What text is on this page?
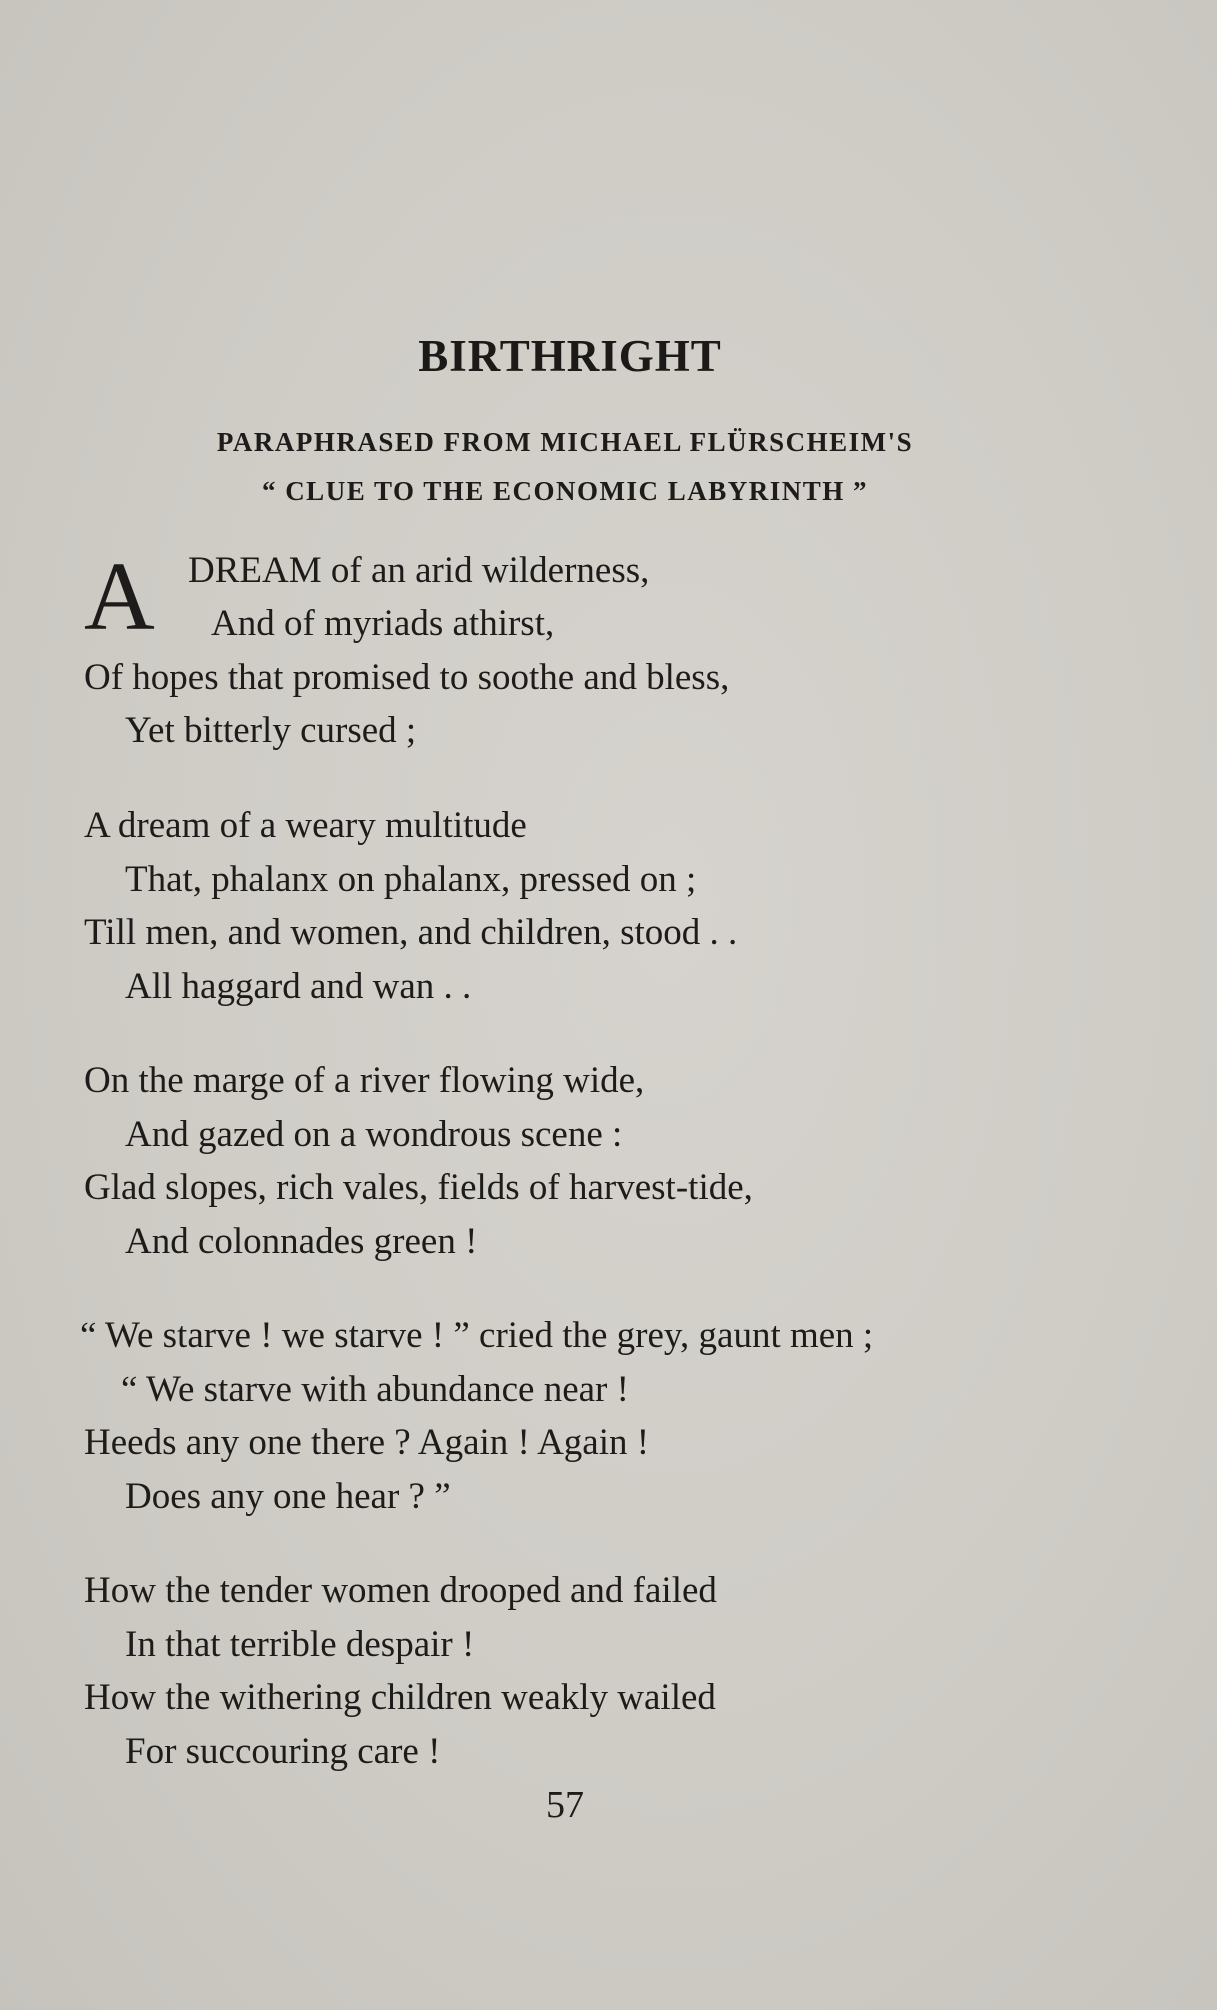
BIRTHRIGHT

PARAPHRASED FROM MICHAEL FLÜRSCHEIM'S

“ CLUE TO THE ECONOMIC LABYRINTH ”

A DREAM of an arid wilderness,

And of myriads athirst,

Of hopes that promised to soothe and bless,

Yet bitterly cursed ;

A dream of a weary multitude

That, phalanx on phalanx, pressed on ;

Till men, and women, and children, stood . .

All haggard and wan . .

On the marge of a river flowing wide,

And gazed on a wondrous scene :

Glad slopes, rich vales, fields of harvest-tide,

And colonnades green !

“ We starve ! we starve ! ” cried the grey, gaunt men ;

“ We starve with abundance near !

Heeds any one there ? Again ! Again !

Does any one hear ? ”

How the tender women drooped and failed

In that terrible despair !

How the withering children weakly wailed

For succouring care !

57
